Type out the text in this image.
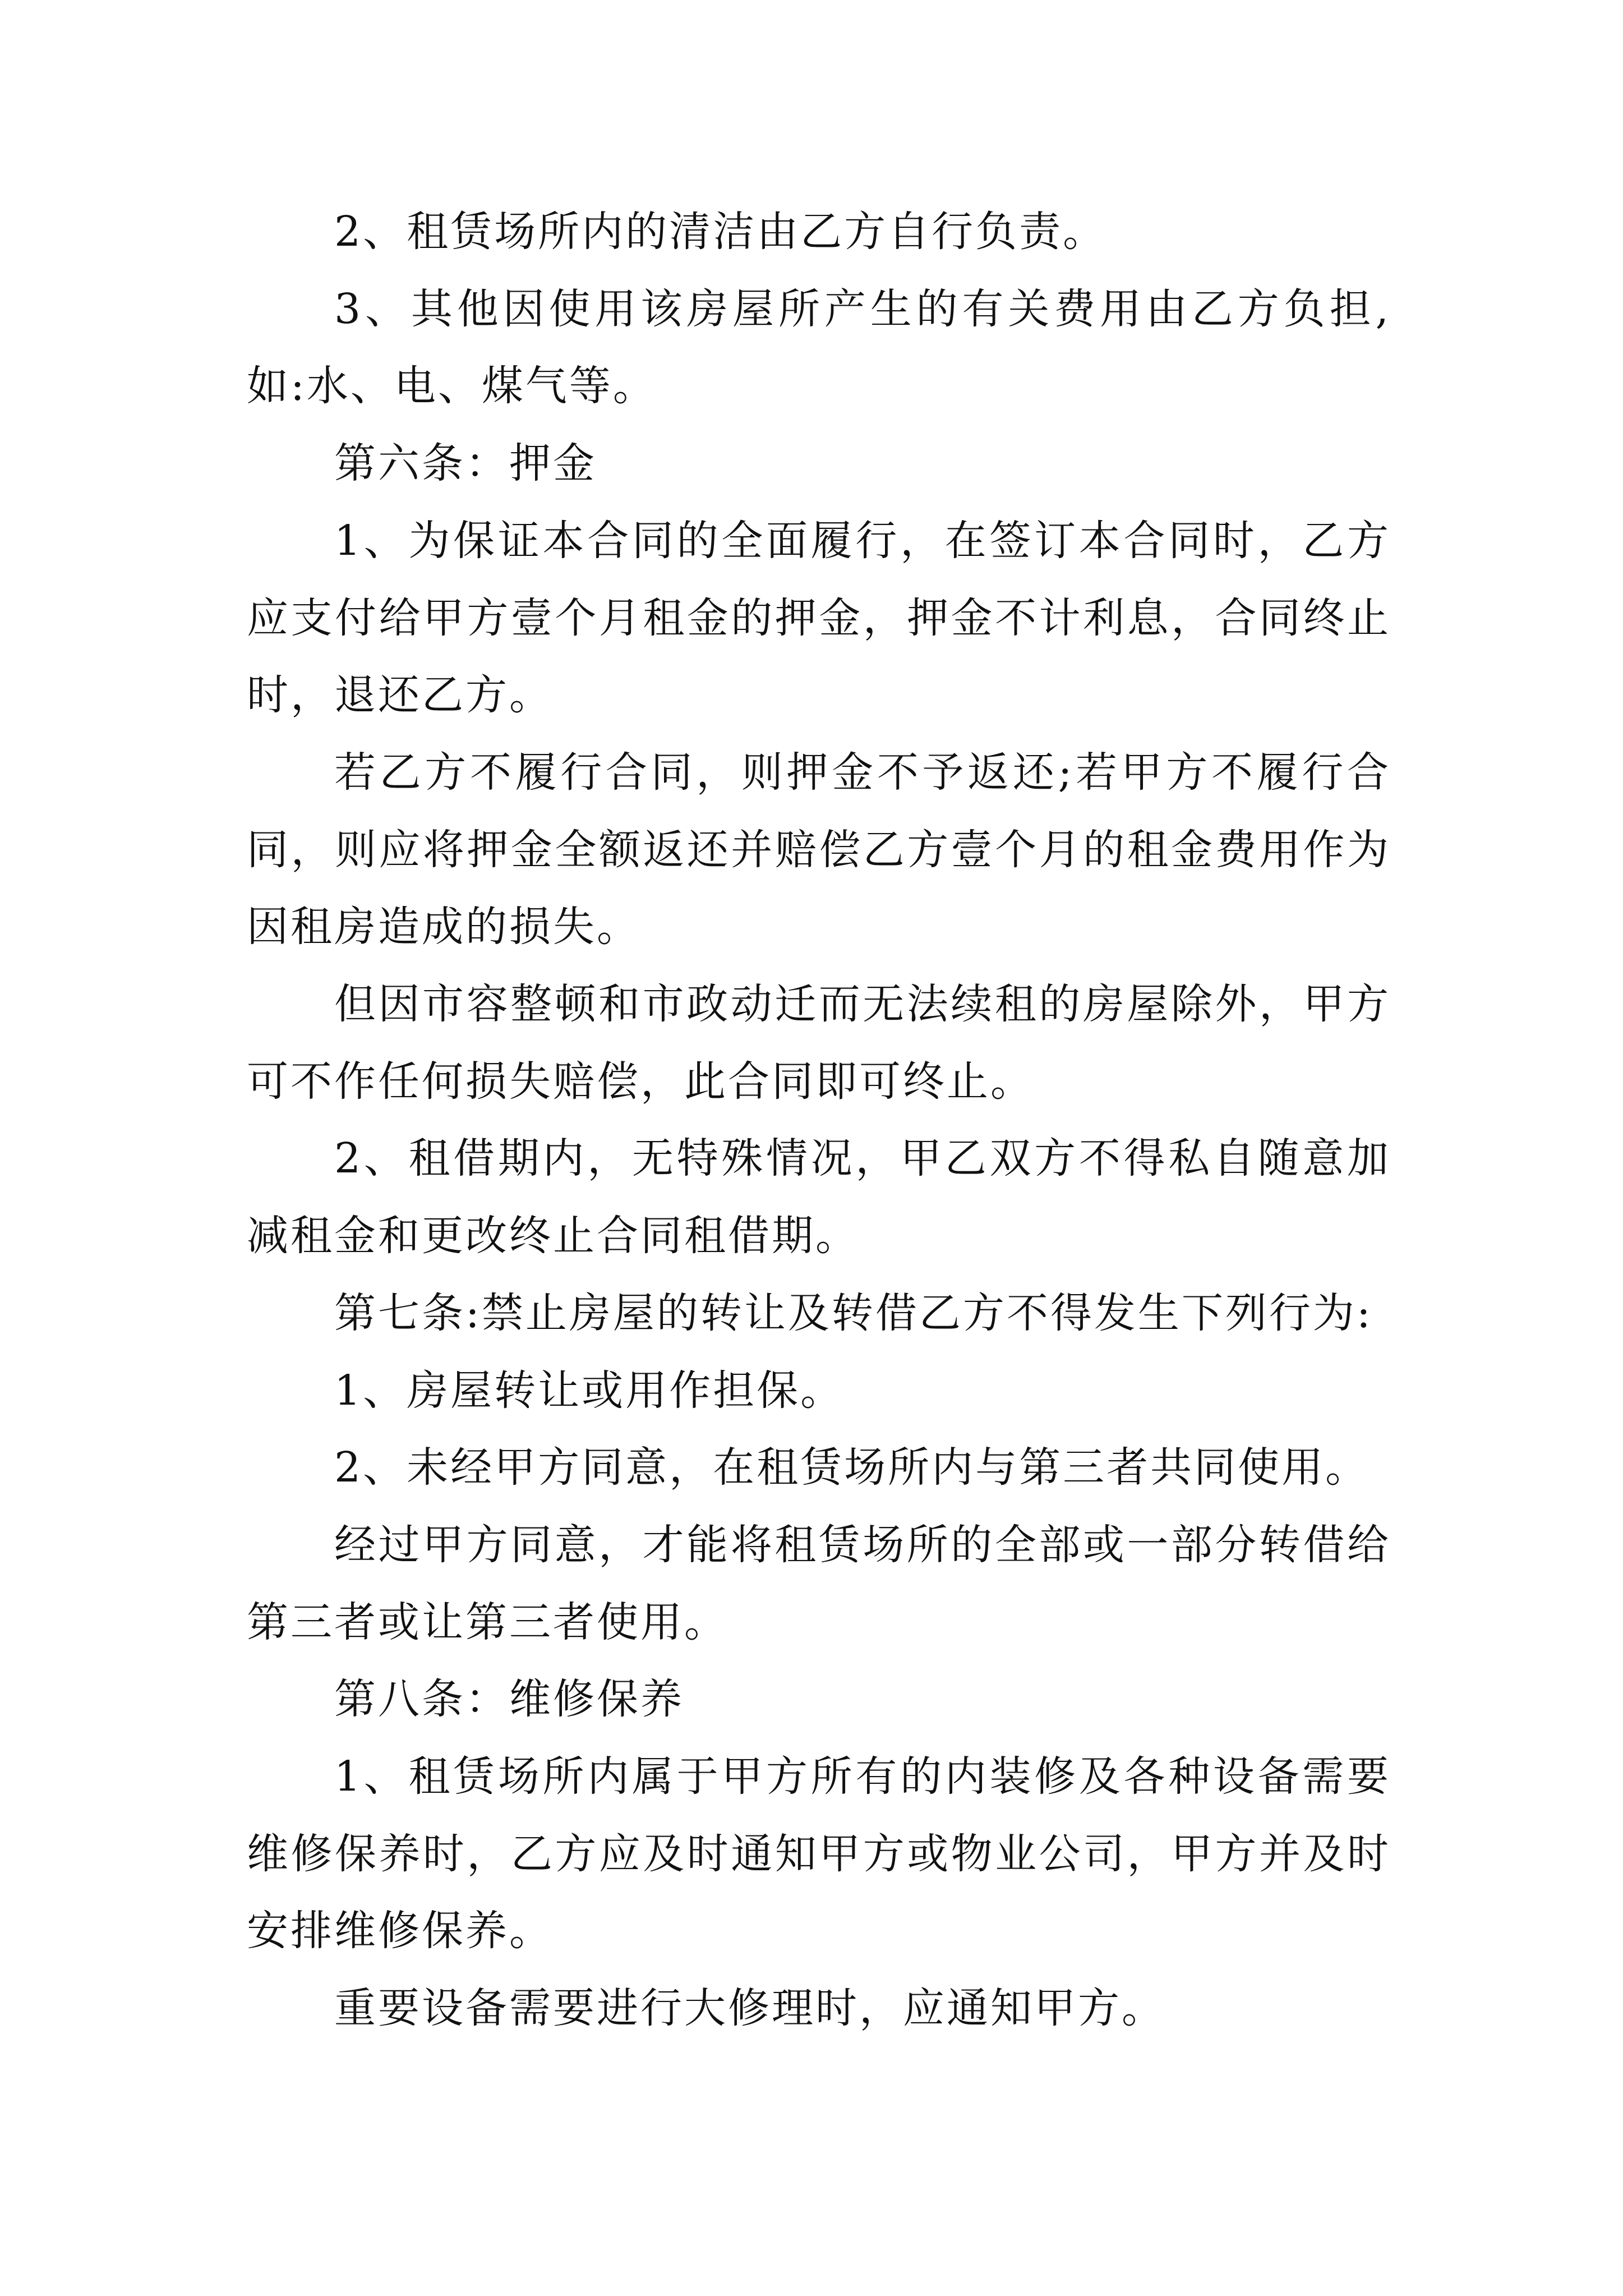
2、租赁场所内的清洁由乙方自行负责。

3、其他因使用该房屋所产生的有关费用由乙方负担,如:水、电、煤气等。

第六条：押金

1、为保证本合同的全面履行，在签订本合同时，乙方应支付给甲方壹个月租金的押金，押金不计利息，合同终止时，退还乙方。

若乙方不履行合同，则押金不予返还;若甲方不履行合同，则应将押金全额返还并赔偿乙方壹个月的租金费用作为因租房造成的损失。

但因市容整顿和市政动迁而无法续租的房屋除外，甲方可不作任何损失赔偿，此合同即可终止。

2、租借期内，无特殊情况，甲乙双方不得私自随意加减租金和更改终止合同租借期。

第七条:禁止房屋的转让及转借乙方不得发生下列行为:

1、房屋转让或用作担保。

2、未经甲方同意，在租赁场所内与第三者共同使用。

经过甲方同意，才能将租赁场所的全部或一部分转借给第三者或让第三者使用。

第八条：维修保养

1、租赁场所内属于甲方所有的内装修及各种设备需要维修保养时，乙方应及时通知甲方或物业公司，甲方并及时安排维修保养。

重要设备需要进行大修理时，应通知甲方。
